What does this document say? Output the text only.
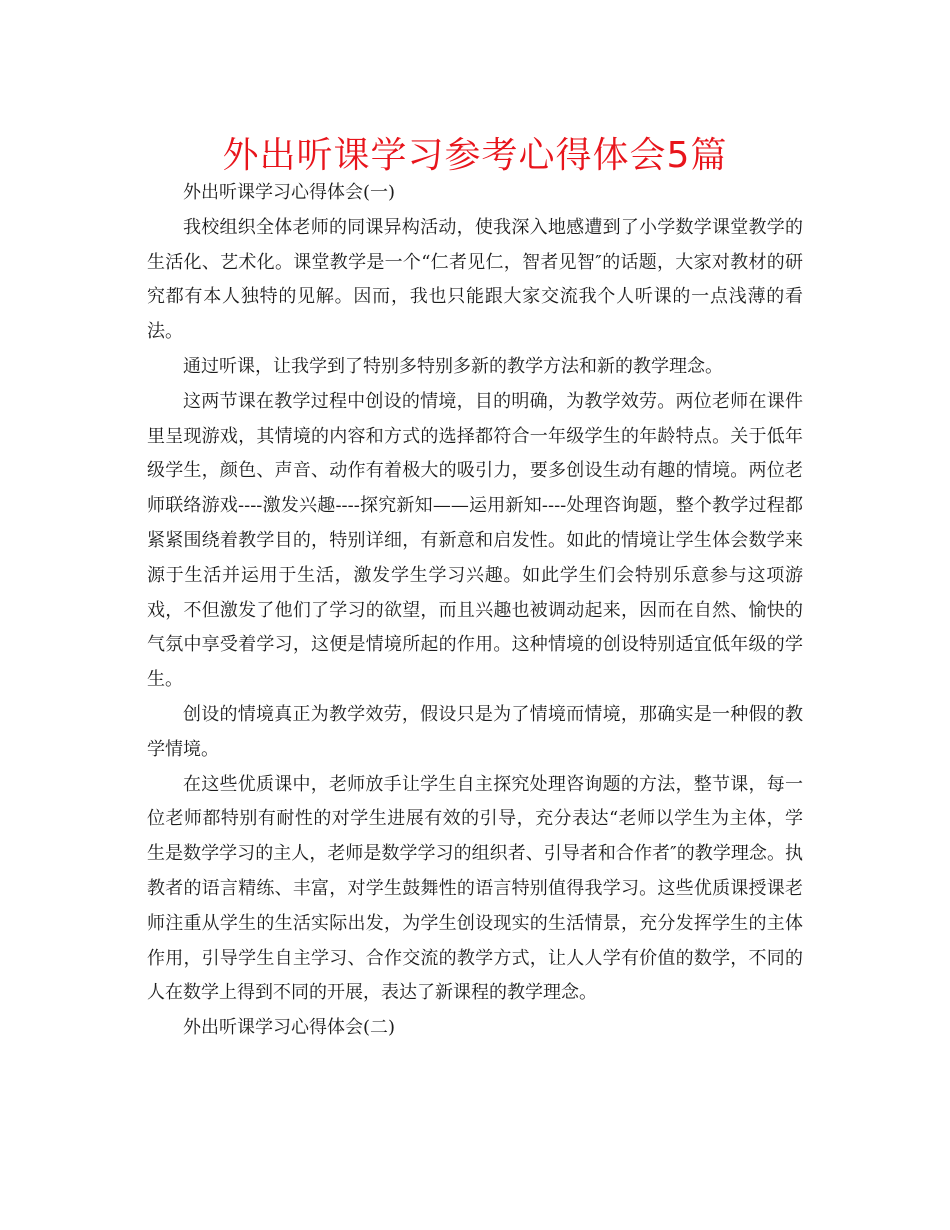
外出听课学习参考心得体会5篇

外出听课学习心得体会(一)

我校组织全体老师的同课异构活动，使我深入地感遭到了小学数学课堂教学的生活化、艺术化。课堂教学是一个“仁者见仁，智者见智″的话题，大家对教材的研究都有本人独特的见解。因而，我也只能跟大家交流我个人听课的一点浅薄的看法。

通过听课，让我学到了特别多特别多新的教学方法和新的教学理念。

这两节课在教学过程中创设的情境，目的明确，为教学效劳。两位老师在课件里呈现游戏，其情境的内容和方式的选择都符合一年级学生的年龄特点。关于低年级学生，颜色、声音、动作有着极大的吸引力，要多创设生动有趣的情境。两位老师联络游戏----激发兴趣----探究新知——运用新知----处理咨询题，整个教学过程都紧紧围绕着教学目的，特别详细，有新意和启发性。如此的情境让学生体会数学来源于生活并运用于生活，激发学生学习兴趣。如此学生们会特别乐意参与这项游戏，不但激发了他们了学习的欲望，而且兴趣也被调动起来，因而在自然、愉快的气氛中享受着学习，这便是情境所起的作用。这种情境的创设特别适宜低年级的学生。

创设的情境真正为教学效劳，假设只是为了情境而情境，那确实是一种假的教学情境。

在这些优质课中，老师放手让学生自主探究处理咨询题的方法，整节课，每一位老师都特别有耐性的对学生进展有效的引导，充分表达“老师以学生为主体，学生是数学学习的主人，老师是数学学习的组织者、引导者和合作者″的教学理念。执教者的语言精练、丰富，对学生鼓舞性的语言特别值得我学习。这些优质课授课老师注重从学生的生活实际出发，为学生创设现实的生活情景，充分发挥学生的主体作用，引导学生自主学习、合作交流的教学方式，让人人学有价值的数学，不同的人在数学上得到不同的开展，表达了新课程的教学理念。

外出听课学习心得体会(二)
